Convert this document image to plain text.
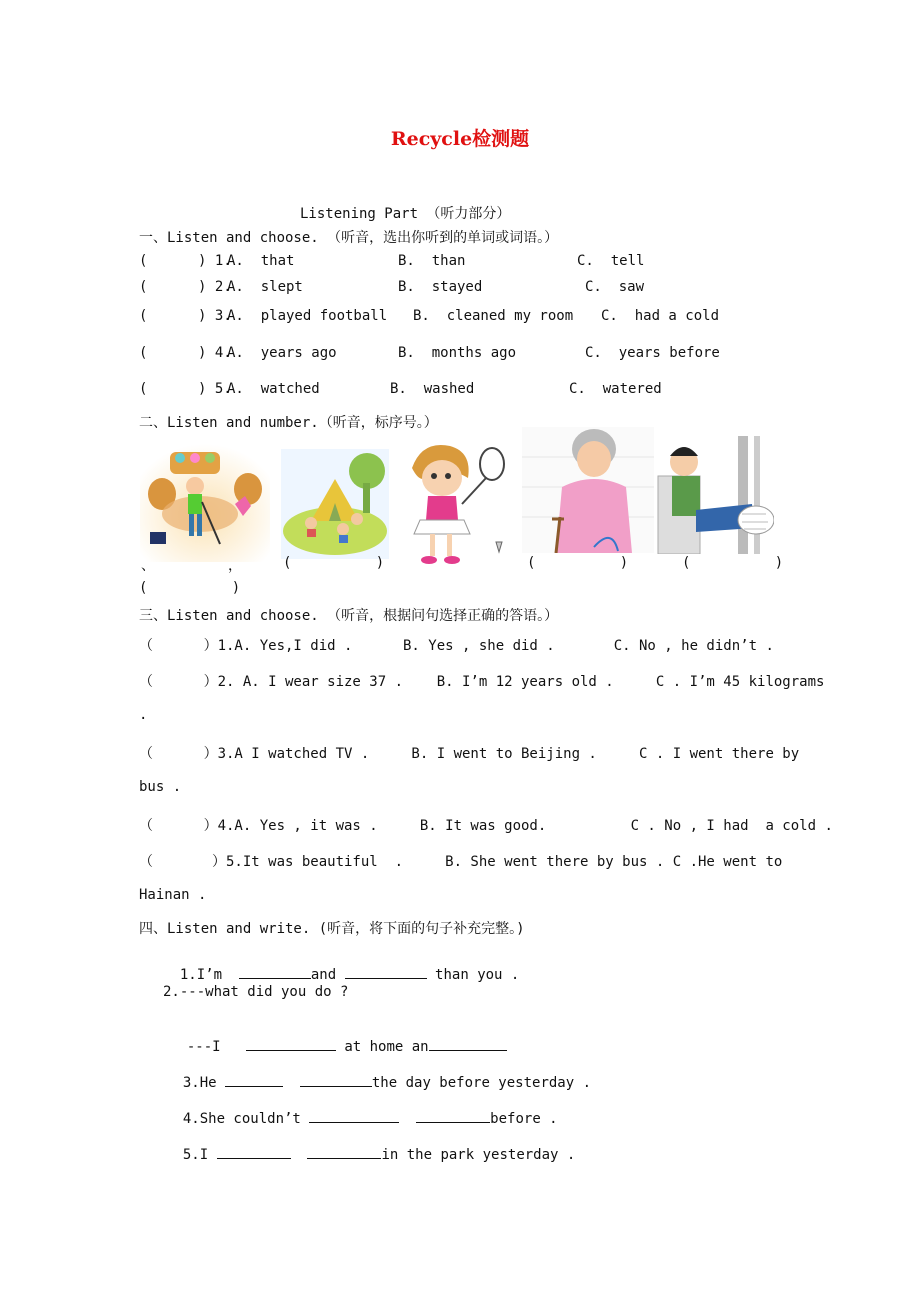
Recycle检测题
Listening Part （听力部分）
一、Listen and choose. （听音，选出你听到的单词或词语。）
(      ) 1.
A.  that	B.  than	C.  tell
(      ) 2.
A.  slept	B.  stayed	C.  saw
(      ) 3.
A.  played football B.  cleaned my room C.  had a cold
(      ) 4.
A.  years ago	B.  months ago	C.  years before
(      ) 5.
A.  watched	B.  washed	C.  watered
二、Listen and number.（听音，标序号。）
、	，	(          )	(          )	(          )
(          )
三、Listen and choose. （听音，根据问句选择正确的答语。）
（      ）1.A. Yes,I did .      B. Yes , she did .       C. No , he didn’t .
（      ）2. A. I wear size 37 .    B. I’m 12 years old .     C . I’m 45 kilograms
.
（      ）3.A I watched TV .     B. I went to Beijing .     C . I went there by
bus .
（      ）4.A. Yes , it was .     B. It was good.          C . No , I had  a cold .
（       ）5.It was beautiful  .     B. She went there by bus . C .He went to
Hainan .
四、Listen and write. (听音，将下面的句子补充完整。)

1.I’m	and	than you .

2.---what did you do ?

---I	at home an

3.He	the day before yesterday .

4.She couldn’t	before .

5.I	in the park yesterday .
